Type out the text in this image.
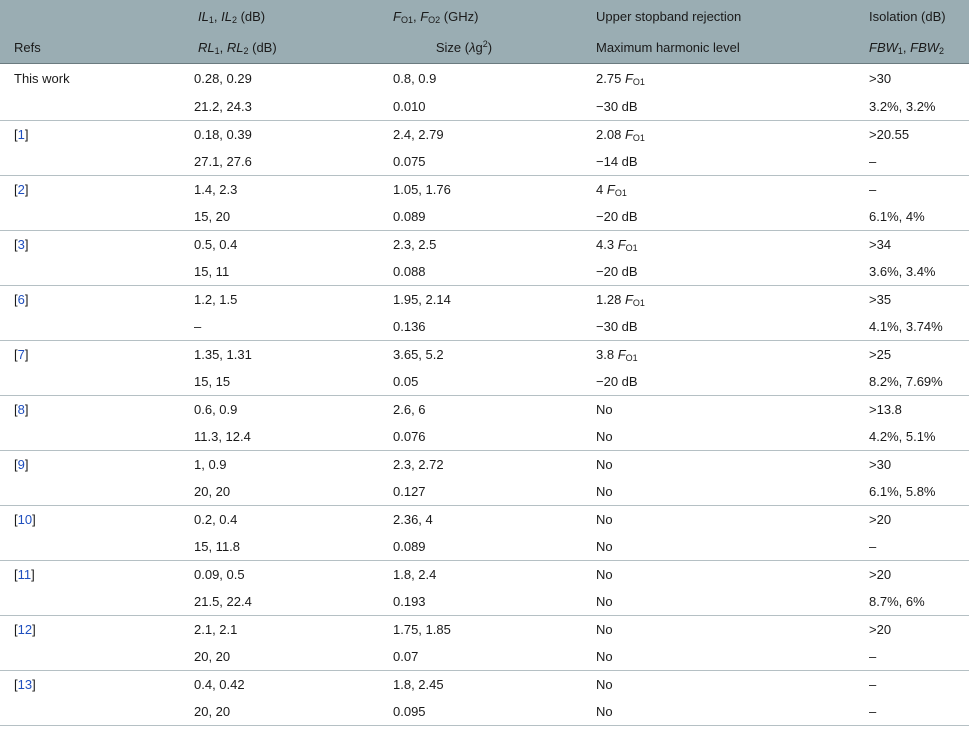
	$IL_1$, $IL_2$ (dB)	$F_{O1}$, $F_{O2}$ (GHz)	Upper stopband rejection	Isolation (dB)
Refs	$RL_1$, $RL_2$ (dB)	Size $(\lambda g^2)$	Maximum harmonic level	$FBW_1$, $FBW_2$
This work	0.28, 0.29	0.8, 0.9	2.75 $F_{O1}$	>30
	21.2, 24.3	0.010	−30 dB	3.2%, 3.2%
[1]	0.18, 0.39	2.4, 2.79	2.08 $F_{O1}$	>20.55
	27.1, 27.6	0.075	−14 dB	–
[2]	1.4, 2.3	1.05, 1.76	4 $F_{O1}$	–
	15, 20	0.089	−20 dB	6.1%, 4%
[3]	0.5, 0.4	2.3, 2.5	4.3 $F_{O1}$	>34
	15, 11	0.088	−20 dB	3.6%, 3.4%
[6]	1.2, 1.5	1.95, 2.14	1.28 $F_{O1}$	>35
	–	0.136	−30 dB	4.1%, 3.74%
[7]	1.35, 1.31	3.65, 5.2	3.8 $F_{O1}$	>25
	15, 15	0.05	−20 dB	8.2%, 7.69%
[8]	0.6, 0.9	2.6, 6	No	>13.8
	11.3, 12.4	0.076	No	4.2%, 5.1%
[9]	1, 0.9	2.3, 2.72	No	>30
	20, 20	0.127	No	6.1%, 5.8%
[10]	0.2, 0.4	2.36, 4	No	>20
	15, 11.8	0.089	No	–
[11]	0.09, 0.5	1.8, 2.4	No	>20
	21.5, 22.4	0.193	No	8.7%, 6%
[12]	2.1, 2.1	1.75, 1.85	No	>20
	20, 20	0.07	No	–
[13]	0.4, 0.42	1.8, 2.45	No	–
	20, 20	0.095	No	–
